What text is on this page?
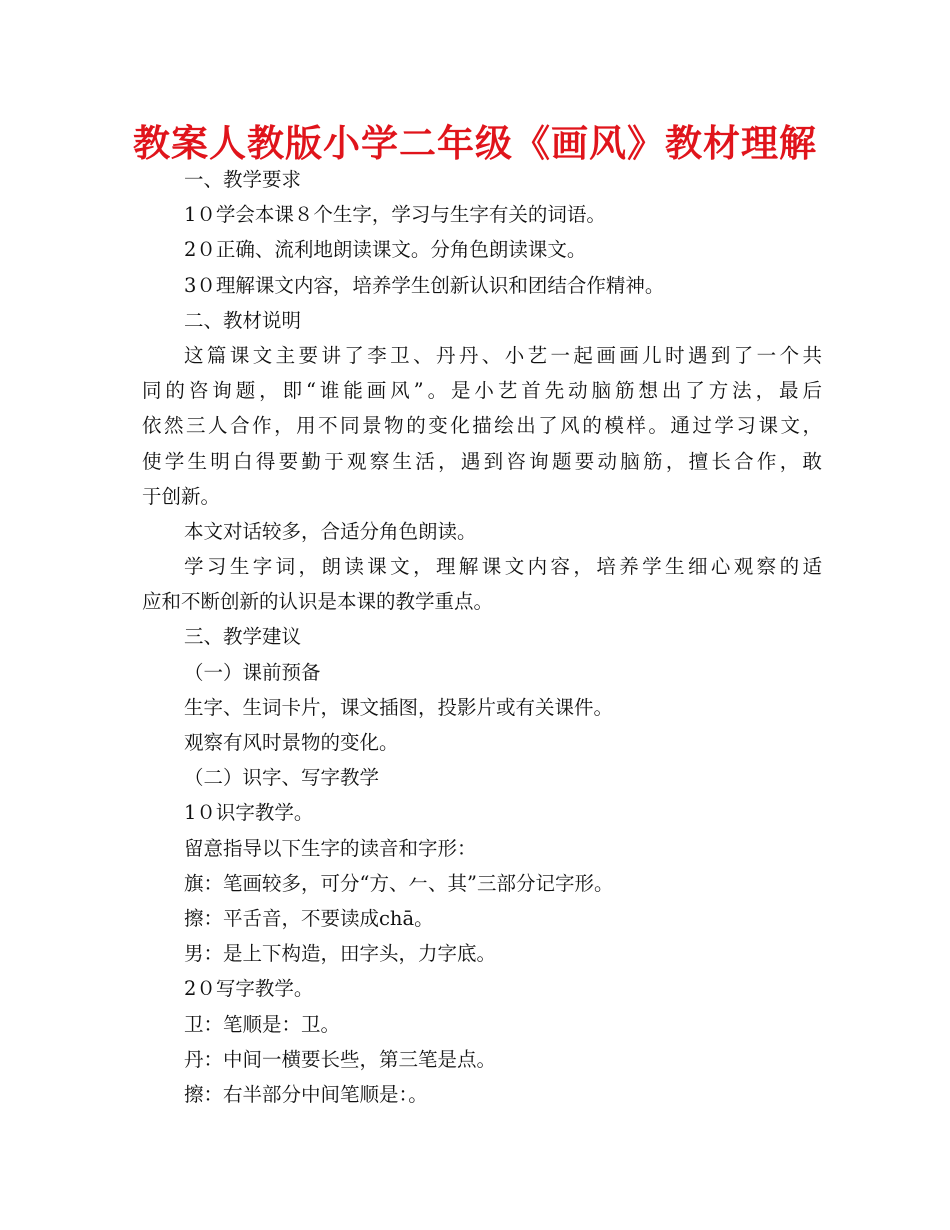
教案人教版小学二年级《画风》教材理解
一、教学要求
1０学会本课８个生字，学习与生字有关的词语。
2０正确、流利地朗读课文。分角色朗读课文。
3０理解课文内容，培养学生创新认识和团结合作精神。
二、教材说明
这篇课文主要讲了李卫、丹丹、小艺一起画画儿时遇到了一个共
同的咨询题，即“谁能画风”。是小艺首先动脑筋想出了方法，最后
依然三人合作，用不同景物的变化描绘出了风的模样。通过学习课文，
使学生明白得要勤于观察生活，遇到咨询题要动脑筋，擅长合作，敢
于创新。
本文对话较多，合适分角色朗读。
学习生字词，朗读课文，理解课文内容，培养学生细心观察的适
应和不断创新的认识是本课的教学重点。
三、教学建议
（一）课前预备
生字、生词卡片，课文插图，投影片或有关课件。
观察有风时景物的变化。
（二）识字、写字教学
1０识字教学。
留意指导以下生字的读音和字形：
旗：笔画较多，可分“方、𠂉、其”三部分记字形。
擦：平舌音，不要读成chā。
男：是上下构造，田字头，力字底。
2０写字教学。
卫：笔顺是：卫。
丹：中间一横要长些，第三笔是点。
擦：右半部分中间笔顺是：。
